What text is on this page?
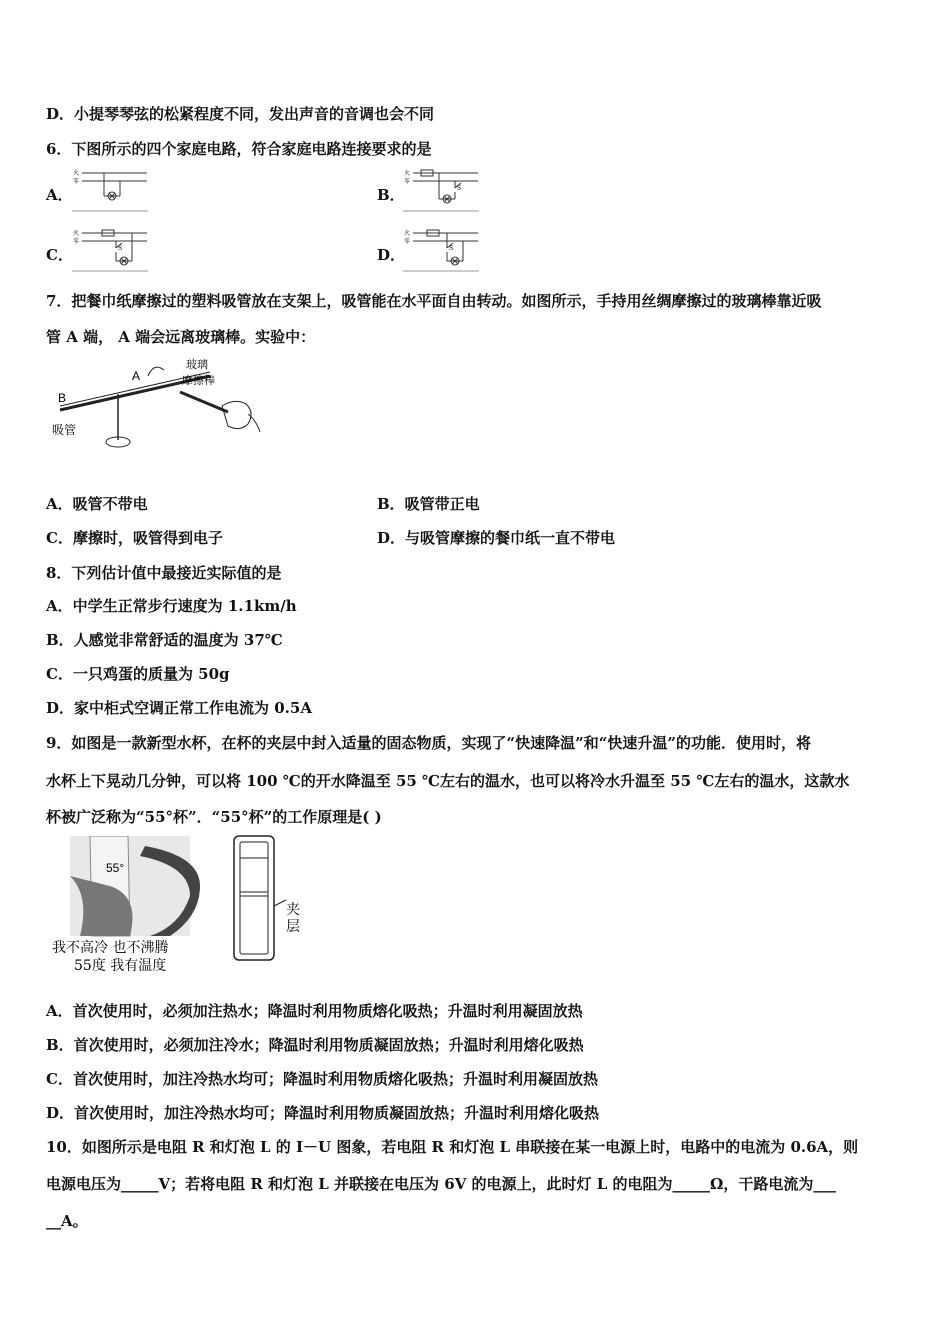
D．小提琴琴弦的松紧程度不同，发出声音的音调也会不同
6．下图所示的四个家庭电路，符合家庭电路连接要求的是
A．
火
零
B．
火
零
S
C．
火
零
S	D．
火
零
S
7．把餐巾纸摩擦过的塑料吸管放在支架上，吸管能在水平面自由转动。如图所示，手持用丝绸摩擦过的玻璃棒靠近吸
管 A 端， A 端会远离玻璃棒。实验中：
B
A
吸管
玻璃
摩擦棒
A．吸管不带电	B．吸管带正电
C．摩擦时，吸管得到电子	D．与吸管摩擦的餐巾纸一直不带电
8．下列估计值中最接近实际值的是
A．中学生正常步行速度为 1.1km/h
B．人感觉非常舒适的温度为 37℃
C．一只鸡蛋的质量为 50g
D．家中柜式空调正常工作电流为 0.5A
9．如图是一款新型水杯，在杯的夹层中封入适量的固态物质，实现了“快速降温”和“快速升温”的功能．使用时，将
水杯上下晃动几分钟，可以将 100 ℃的开水降温至 55 ℃左右的温水，也可以将冷水升温至 55 ℃左右的温水，这款水
杯被广泛称为“55°杯”．“55°杯”的工作原理是( )
55°
我不高冷 也不沸腾
55度 我有温度
夹
层
A．首次使用时，必须加注热水；降温时利用物质熔化吸热；升温时利用凝固放热
B．首次使用时，必须加注冷水；降温时利用物质凝固放热；升温时利用熔化吸热
C．首次使用时，加注冷热水均可；降温时利用物质熔化吸热；升温时利用凝固放热
D．首次使用时，加注冷热水均可；降温时利用物质凝固放热；升温时利用熔化吸热
10．如图所示是电阻 R 和灯泡 L 的 I－U 图象，若电阻 R 和灯泡 L 串联接在某一电源上时，电路中的电流为 0.6A，则
电源电压为_____V；若将电阻 R 和灯泡 L 并联接在电压为 6V 的电源上，此时灯 L 的电阻为_____Ω，干路电流为___
__A。
